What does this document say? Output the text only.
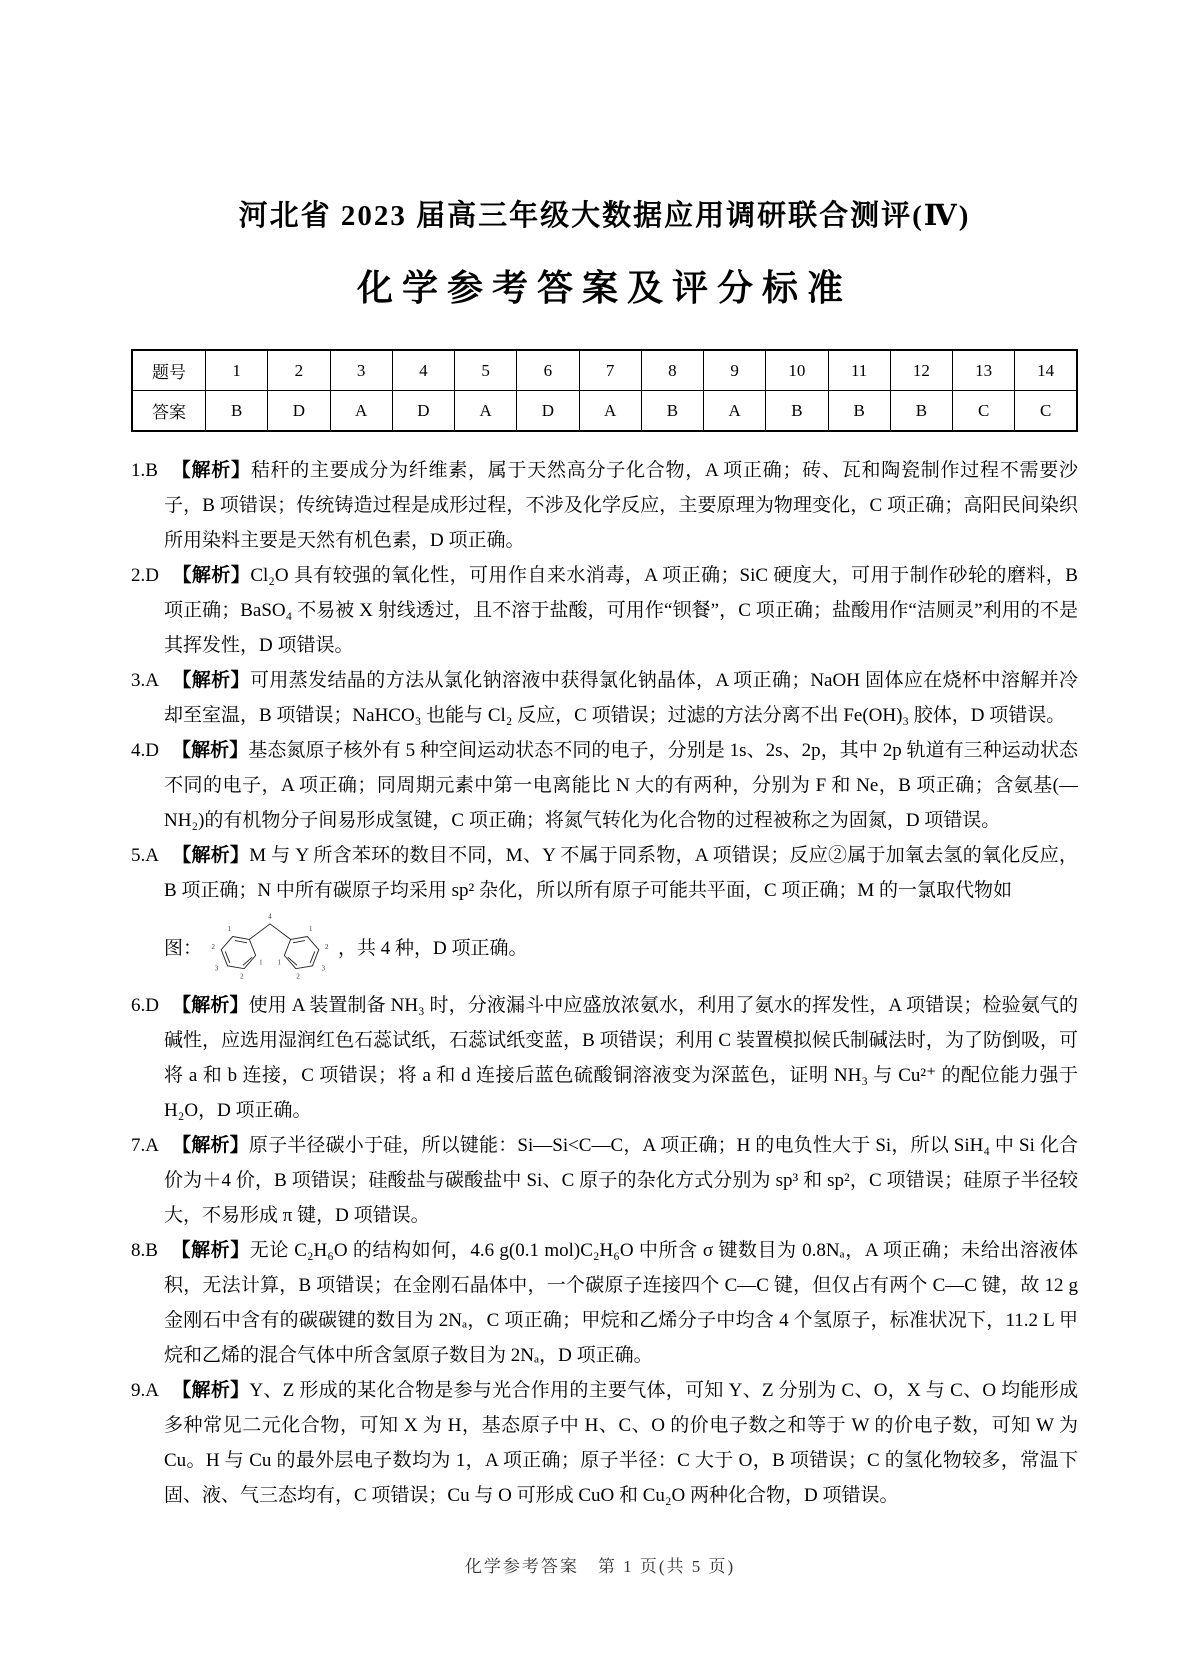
河北省 2023 届高三年级大数据应用调研联合测评(Ⅳ)
化学参考答案及评分标准
题号	1	2	3	4	5	6	7	8	9	10	11	12	13	14
答案	B	D	A	D	A	D	A	B	A	B	B	B	C	C
1.B 【解析】秸秆的主要成分为纤维素，属于天然高分子化合物，A 项正确；砖、瓦和陶瓷制作过程不需要沙子，B 项错误；传统铸造过程是成形过程，不涉及化学反应，主要原理为物理变化，C 项正确；高阳民间染织所用染料主要是天然有机色素，D 项正确。
2.D 【解析】Cl₂O 具有较强的氧化性，可用作自来水消毒，A 项正确；SiC 硬度大，可用于制作砂轮的磨料，B 项正确；BaSO₄ 不易被 X 射线透过，且不溶于盐酸，可用作“钡餐”，C 项正确；盐酸用作“洁厕灵”利用的不是其挥发性，D 项错误。
3.A 【解析】可用蒸发结晶的方法从氯化钠溶液中获得氯化钠晶体，A 项正确；NaOH 固体应在烧杯中溶解并冷却至室温，B 项错误；NaHCO₃ 也能与 Cl₂ 反应，C 项错误；过滤的方法分离不出 Fe(OH)₃ 胶体，D 项错误。
4.D 【解析】基态氮原子核外有 5 种空间运动状态不同的电子，分别是 1s、2s、2p，其中 2p 轨道有三种运动状态不同的电子，A 项正确；同周期元素中第一电离能比 N 大的有两种，分别为 F 和 Ne，B 项正确；含氨基(—NH₂)的有机物分子间易形成氢键，C 项正确；将氮气转化为化合物的过程被称之为固氮，D 项错误。
5.A 【解析】M 与 Y 所含苯环的数目不同，M、Y 不属于同系物，A 项错误；反应②属于加氧去氢的氧化反应，B 项正确；N 中所有碳原子均采用 sp² 杂化，所以所有原子可能共平面，C 项正确；M 的一氯取代物如
图：
1
4
1
2
3
2
1
2
3
2
1
，共 4 种，D 项正确。
6.D 【解析】使用 A 装置制备 NH₃ 时，分液漏斗中应盛放浓氨水，利用了氨水的挥发性，A 项错误；检验氨气的碱性，应选用湿润红色石蕊试纸，石蕊试纸变蓝，B 项错误；利用 C 装置模拟候氏制碱法时，为了防倒吸，可将 a 和 b 连接，C 项错误；将 a 和 d 连接后蓝色硫酸铜溶液变为深蓝色，证明 NH₃ 与 Cu²⁺ 的配位能力强于 H₂O，D 项正确。
7.A 【解析】原子半径碳小于硅，所以键能：Si—Si<C—C，A 项正确；H 的电负性大于 Si，所以 SiH₄ 中 Si 化合价为＋4 价，B 项错误；硅酸盐与碳酸盐中 Si、C 原子的杂化方式分别为 sp³ 和 sp²，C 项错误；硅原子半径较大，不易形成 π 键，D 项错误。
8.B 【解析】无论 C₂H₆O 的结构如何，4.6 g(0.1 mol)C₂H₆O 中所含 σ 键数目为 0.8Nₐ，A 项正确；未给出溶液体积，无法计算，B 项错误；在金刚石晶体中，一个碳原子连接四个 C—C 键，但仅占有两个 C—C 键，故 12 g 金刚石中含有的碳碳键的数目为 2Nₐ，C 项正确；甲烷和乙烯分子中均含 4 个氢原子，标准状况下，11.2 L 甲烷和乙烯的混合气体中所含氢原子数目为 2Nₐ，D 项正确。
9.A 【解析】Y、Z 形成的某化合物是参与光合作用的主要气体，可知 Y、Z 分别为 C、O，X 与 C、O 均能形成多种常见二元化合物，可知 X 为 H，基态原子中 H、C、O 的价电子数之和等于 W 的价电子数，可知 W 为 Cu。H 与 Cu 的最外层电子数均为 1，A 项正确；原子半径：C 大于 O，B 项错误；C 的氢化物较多，常温下固、液、气三态均有，C 项错误；Cu 与 O 可形成 CuO 和 Cu₂O 两种化合物，D 项错误。
化学参考答案　第 1 页(共 5 页)
